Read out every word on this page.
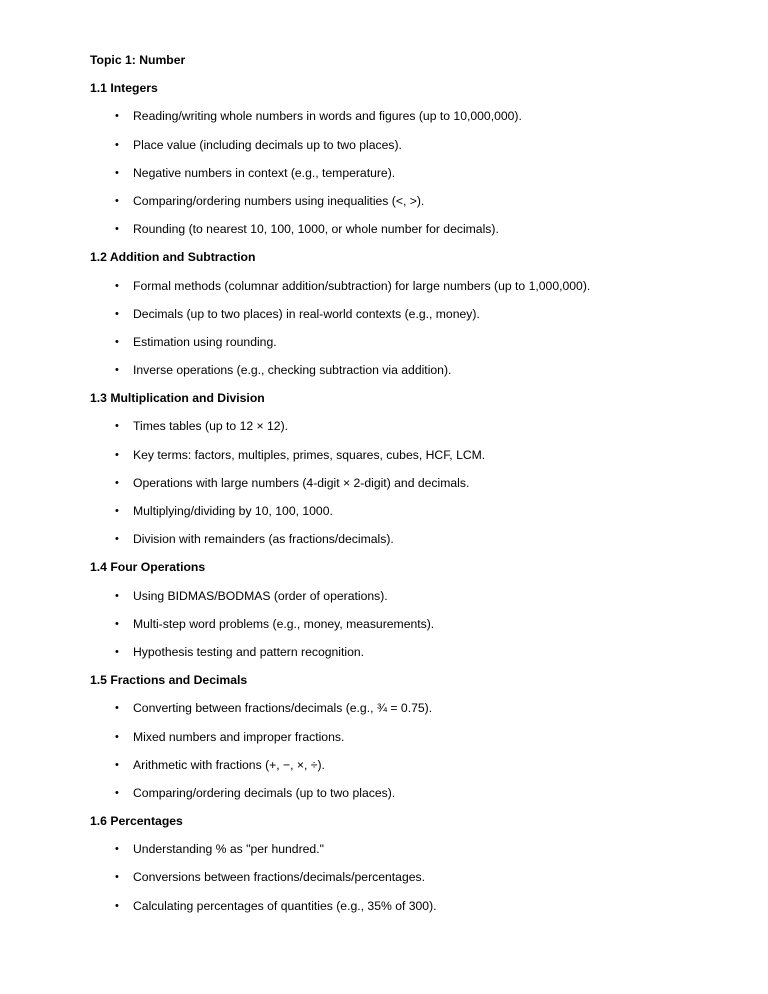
Topic 1: Number
1.1 Integers
• Reading/writing whole numbers in words and figures (up to 10,000,000).
• Place value (including decimals up to two places).
• Negative numbers in context (e.g., temperature).
• Comparing/ordering numbers using inequalities (<, >).
• Rounding (to nearest 10, 100, 1000, or whole number for decimals).
1.2 Addition and Subtraction
• Formal methods (columnar addition/subtraction) for large numbers (up to 1,000,000).
• Decimals (up to two places) in real-world contexts (e.g., money).
• Estimation using rounding.
• Inverse operations (e.g., checking subtraction via addition).
1.3 Multiplication and Division
• Times tables (up to 12 × 12).
• Key terms: factors, multiples, primes, squares, cubes, HCF, LCM.
• Operations with large numbers (4-digit × 2-digit) and decimals.
• Multiplying/dividing by 10, 100, 1000.
• Division with remainders (as fractions/decimals).
1.4 Four Operations
• Using BIDMAS/BODMAS (order of operations).
• Multi-step word problems (e.g., money, measurements).
• Hypothesis testing and pattern recognition.
1.5 Fractions and Decimals
• Converting between fractions/decimals (e.g., ¾ = 0.75).
• Mixed numbers and improper fractions.
• Arithmetic with fractions (+, −, ×, ÷).
• Comparing/ordering decimals (up to two places).
1.6 Percentages
• Understanding % as "per hundred."
• Conversions between fractions/decimals/percentages.
• Calculating percentages of quantities (e.g., 35% of 300).
